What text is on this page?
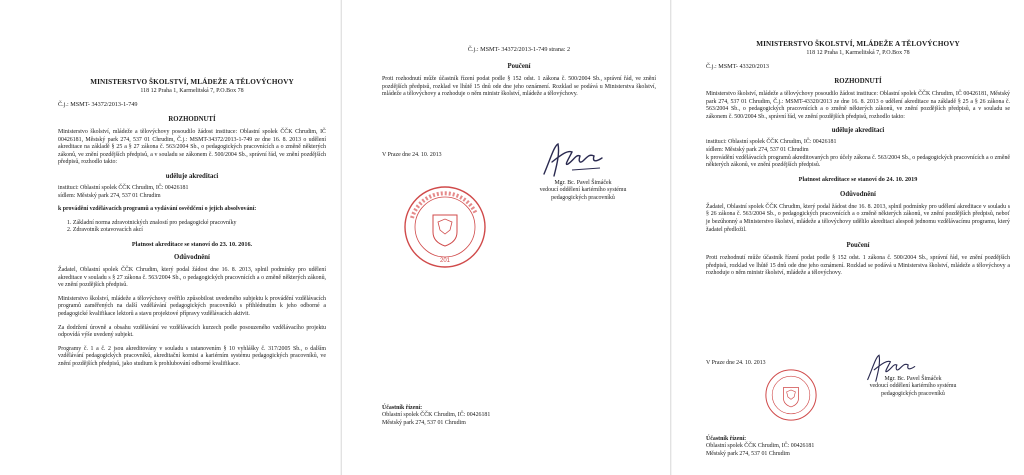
MINISTERSTVO ŠKOLSTVÍ, MLÁDEŽE A TĚLOVÝCHOVY
118 12 Praha 1, Karmelitská 7, P.O.Box 78
Č.j.: MSMT- 34372/2013-1-749
ROZHODNUTÍ
Ministerstvo školství, mládeže a tělovýchovy posoudilo žádost instituce: Oblastní spolek ČČK Chrudim, IČ 00426181, Městský park 274, 537 01 Chrudim, Č.j.: MSMT-34372/2013-1-749 ze dne 16. 8. 2013 o udělení akreditace na základě § 25 a § 27 zákona č. 563/2004 Sb., o pedagogických pracovnících a o změně některých zákonů, ve znění pozdějších předpisů, a v souladu se zákonem č. 500/2004 Sb., správní řád, ve znění pozdějších předpisů, rozhodlo takto:
uděluje akreditaci
instituci: Oblastní spolek ČČK Chrudim, IČ: 00426181
sídlem: Městský park 274, 537 01 Chrudim
k provádění vzdělávacích programů a vydávání osvědčení o jejich absolvování:
1. Základní norma zdravotnických znalostí pro pedagogické pracovníky
2. Zdravotník zotavovacích akcí
Platnost akreditace se stanoví do 23. 10. 2016.
Odůvodnění
Žadatel, Oblastní spolek ČČK Chrudim, který podal žádost dne 16. 8. 2013, splnil podmínky pro udělení akreditace v souladu s § 27 zákona č. 563/2004 Sb., o pedagogických pracovnících a o změně některých zákonů, ve znění pozdějších předpisů.
Ministerstvo školství, mládeže a tělovýchovy ověřilo způsobilost uvedeného subjektu k provádění vzdělávacích programů zaměřených na další vzdělávání pedagogických pracovníků s přihlédnutím k jeho odborné a pedagogické kvalifikace lektorů a stavu projektové přípravy vzdělávacích aktivit.
Za dodržení úrovně a obsahu vzdělávání ve vzdělávacích kurzech podle posouzeného vzdělávacího projektu odpovídá výše uvedený subjekt.
Programy č. 1 a č. 2 jsou akreditovány v souladu s ustanovením § 10 vyhlášky č. 317/2005 Sb., o dalším vzdělávání pedagogických pracovníků, akreditační komisi a kariérním systému pedagogických pracovníků, ve znění pozdějších předpisů, jako studium k prohlubování odborné kvalifikace.
Č.j.: MSMT- 34372/2013-1-749 strana: 2
Poučení
Proti rozhodnutí může účastník řízení podat podle § 152 odst. 1 zákona č. 500/2004 Sb., správní řád, ve znění pozdějších předpisů, rozklad ve lhůtě 15 dnů ode dne jeho oznámení. Rozklad se podává u Ministerstva školství, mládeže a tělovýchovy a rozhoduje o něm ministr školství, mládeže a tělovýchovy.
V Praze dne 24. 10. 2013
201
Mgr. Bc. Pavel Šimáček
vedoucí oddělení kariérního systému
pedagogických pracovníků
Účastník řízení:
Oblastní spolek ČČK Chrudim, IČ: 00426181
Městský park 274, 537 01 Chrudim
MINISTERSTVO ŠKOLSTVÍ, MLÁDEŽE A TĚLOVÝCHOVY
118 12 Praha 1, Karmelitská 7, P.O.Box 78
Č.j.: MSMT- 43320/2013
ROZHODNUTÍ
Ministerstvo školství, mládeže a tělovýchovy posoudilo žádost instituce: Oblastní spolek ČČK Chrudim, IČ 00426181, Městský park 274, 537 01 Chrudim, Č.j.: MSMT-43320/2013 ze dne 16. 8. 2013 o udělení akreditace na základě § 25 a § 26 zákona č. 563/2004 Sb., o pedagogických pracovnících a o změně některých zákonů, ve znění pozdějších předpisů, a v souladu se zákonem č. 500/2004 Sb., správní řád, ve znění pozdějších předpisů, rozhodlo takto:
uděluje akreditaci
instituci: Oblastní spolek ČČK Chrudim, IČ: 00426181
sídlem: Městský park 274, 537 01 Chrudim
k provádění vzdělávacích programů akreditovaných pro účely zákona č. 563/2004 Sb., o pedagogických pracovnících a o změně některých zákonů, ve znění pozdějších předpisů.
Platnost akreditace se stanoví do 24. 10. 2019
Odůvodnění
Žadatel, Oblastní spolek ČČK Chrudim, který podal žádost dne 16. 8. 2013, splnil podmínky pro udělení akreditace v souladu s § 26 zákona č. 563/2004 Sb., o pedagogických pracovnících a o změně některých zákonů, ve znění pozdějších předpisů, neboť je bezúhonný a Ministerstvo školství, mládeže a tělovýchovy udělilo akreditaci alespoň jednomu vzdělávacímu programu, který žadatel předložil.
Poučení
Proti rozhodnutí může účastník řízení podat podle § 152 odst. 1 zákona č. 500/2004 Sb., správní řád, ve znění pozdějších předpisů, rozklad ve lhůtě 15 dnů ode dne jeho oznámení. Rozklad se podává u Ministerstva školství, mládeže a tělovýchovy a rozhoduje o něm ministr školství, mládeže a tělovýchovy.
V Praze dne 24. 10. 2013
Mgr. Bc. Pavel Šimáček
vedoucí oddělení kariérního systému
pedagogických pracovníků
Účastník řízení:
Oblastní spolek ČČK Chrudim, IČ: 00426181
Městský park 274, 537 01 Chrudim
